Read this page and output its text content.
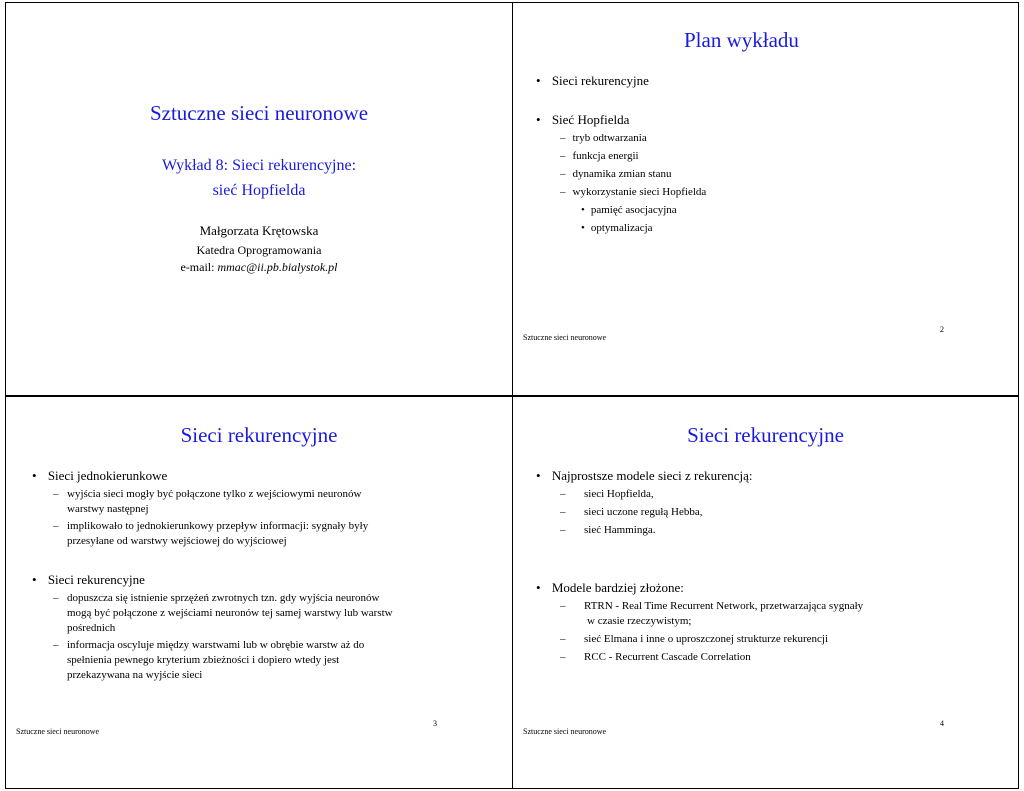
Sztuczne sieci neuronowe
Wykład 8: Sieci rekurencyjne:
sieć Hopfielda
Małgorzata Krętowska
Katedra Oprogramowania
e-mail: mmac@ii.pb.bialystok.pl
Plan wykładu
• Sieci rekurencyjne
• Sieć Hopfielda
– tryb odtwarzania
– funkcja energii
– dynamika zmian stanu
– wykorzystanie sieci Hopfielda
• pamięć asocjacyjna
• optymalizacja
Sztuczne sieci neuronowe
2
Sieci rekurencyjne
• Sieci jednokierunkowe
– wyjścia sieci mogły być połączone tylko z wejściowymi neuronów
warstwy następnej
– implikowało to jednokierunkowy przepływ informacji: sygnały były
przesyłane od warstwy wejściowej do wyjściowej
• Sieci rekurencyjne
– dopuszcza się istnienie sprzężeń zwrotnych tzn. gdy wyjścia neuronów
mogą być połączone z wejściami neuronów tej samej warstwy lub warstw
pośrednich
– informacja oscyluje między warstwami lub w obrębie warstw aż do
spełnienia pewnego kryterium zbieżności i dopiero wtedy jest
przekazywana na wyjście sieci
Sztuczne sieci neuronowe
3
Sieci rekurencyjne
• Najprostsze modele sieci z rekurencją:
– sieci Hopfielda,
– sieci uczone regułą Hebba,
– sieć Hamminga.
• Modele bardziej złożone:
– RTRN - Real Time Recurrent Network, przetwarzająca sygnały
w czasie rzeczywistym;
– sieć Elmana i inne o uproszczonej strukturze rekurencji
– RCC - Recurrent Cascade Correlation
Sztuczne sieci neuronowe
4
